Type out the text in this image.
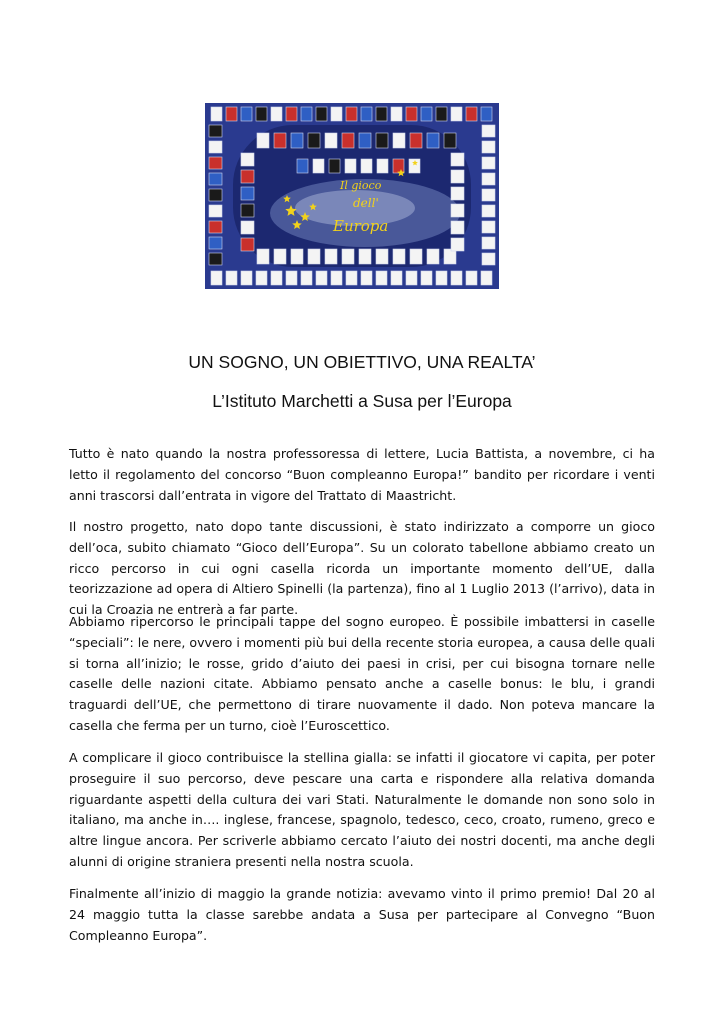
Il gioco
dell'
Europa
UN SOGNO, UN OBIETTIVO, UNA REALTA’
L’Istituto Marchetti a Susa per l’Europa

Tutto è nato quando la nostra professoressa di lettere, Lucia Battista, a novembre, ci ha letto il regolamento del concorso “Buon compleanno Europa!” bandito per ricordare i venti anni trascorsi dall’entrata in vigore del Trattato di Maastricht.

Il nostro progetto, nato dopo tante discussioni, è stato indirizzato a comporre un gioco dell’oca, subito chiamato “Gioco dell’Europa”. Su un colorato tabellone abbiamo creato un ricco percorso in cui ogni casella ricorda un importante momento dell’UE, dalla teorizzazione ad opera di Altiero Spinelli (la partenza), fino al 1 Luglio 2013 (l’arrivo), data in cui la Croazia ne entrerà a far parte.

Abbiamo ripercorso le principali tappe del sogno europeo. È possibile imbattersi in caselle “speciali”: le nere, ovvero i momenti più bui della recente storia europea, a causa delle quali si torna all’inizio; le rosse, grido d’aiuto dei paesi in crisi, per cui bisogna tornare nelle caselle delle nazioni citate. Abbiamo pensato anche a caselle bonus: le blu, i grandi traguardi dell’UE, che permettono di tirare nuovamente il dado. Non poteva mancare la casella che ferma per un turno, cioè l’Euroscettico.

A complicare il gioco contribuisce la stellina gialla: se infatti il giocatore vi capita, per poter proseguire il suo percorso, deve pescare una carta e rispondere alla relativa domanda riguardante aspetti della cultura dei vari Stati. Naturalmente le domande non sono solo in italiano, ma anche in…. inglese, francese, spagnolo, tedesco, ceco, croato, rumeno, greco e altre lingue ancora. Per scriverle abbiamo cercato l’aiuto dei nostri docenti, ma anche degli alunni di origine straniera presenti nella nostra scuola.

Finalmente all’inizio di maggio la grande notizia: avevamo vinto il primo premio! Dal 20 al 24 maggio tutta la classe sarebbe andata a Susa per partecipare al Convegno “Buon Compleanno Europa”.
